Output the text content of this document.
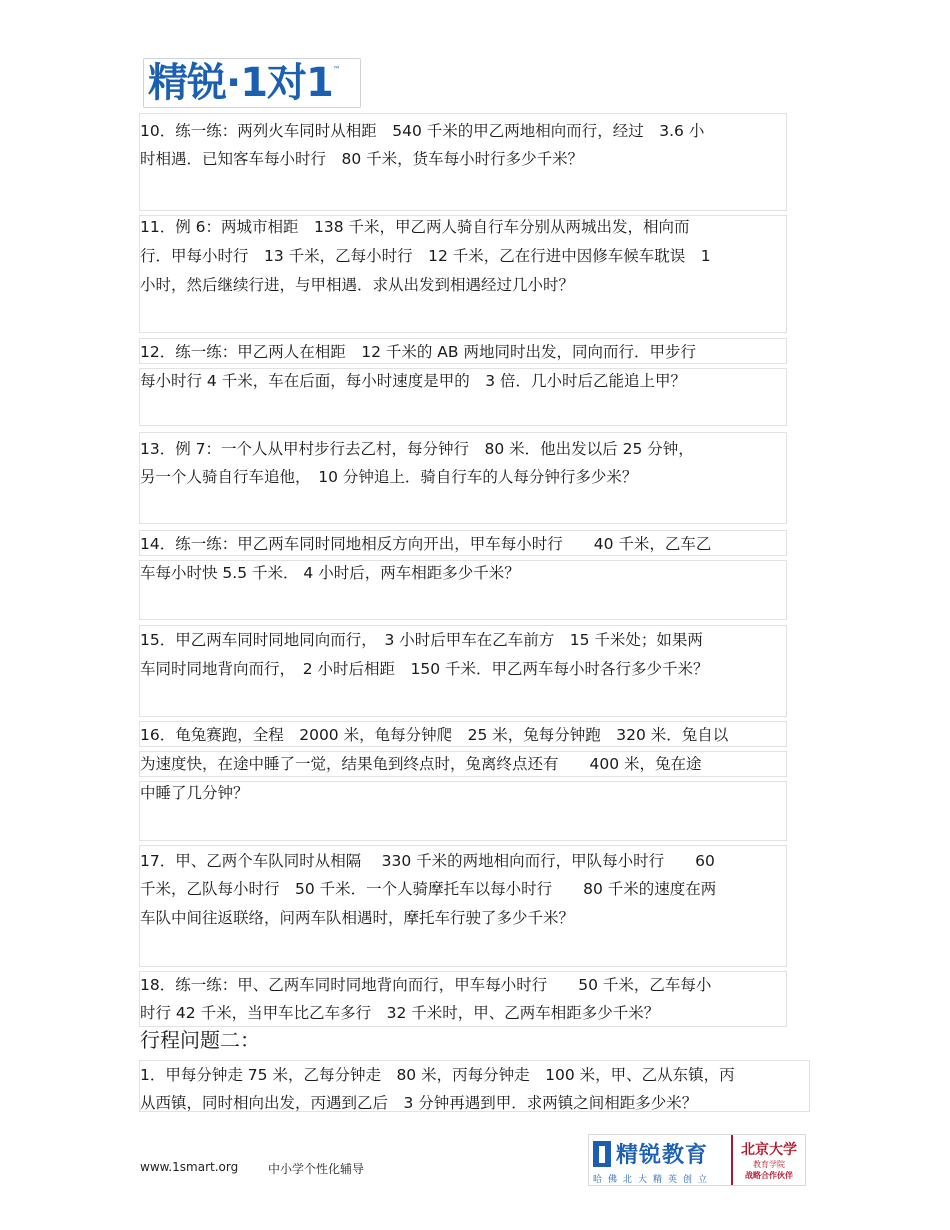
精锐·1对1 ™
10．练一练：两列火车同时从相距　540 千米的甲乙两地相向而行，经过　3.6 小
时相遇．已知客车每小时行　80 千米，货车每小时行多少千米？
11．例 6：两城市相距　138 千米，甲乙两人骑自行车分别从两城出发，相向而
行．甲每小时行　13 千米，乙每小时行　12 千米，乙在行进中因修车候车耽误　1
小时，然后继续行进，与甲相遇．求从出发到相遇经过几小时？
12．练一练：甲乙两人在相距　12 千米的 AB 两地同时出发，同向而行．甲步行
每小时行 4 千米，车在后面，每小时速度是甲的　3 倍．几小时后乙能追上甲？
13．例 7：一个人从甲村步行去乙村，每分钟行　80 米．他出发以后 25 分钟，
另一个人骑自行车追他，　10 分钟追上．骑自行车的人每分钟行多少米？
14．练一练：甲乙两车同时同地相反方向开出，甲车每小时行　　40 千米，乙车乙
车每小时快 5.5 千米． 4 小时后，两车相距多少千米？
15．甲乙两车同时同地同向而行，　3 小时后甲车在乙车前方　15 千米处；如果两
车同时同地背向而行，　2 小时后相距　150 千米．甲乙两车每小时各行多少千米？
16．龟兔赛跑，全程　2000 米，龟每分钟爬　25 米，兔每分钟跑　320 米．兔自以
为速度快，在途中睡了一觉，结果龟到终点时，兔离终点还有　　400 米，兔在途
中睡了几分钟？
17．甲、乙两个车队同时从相隔　 330 千米的两地相向而行，甲队每小时行　　60
千米，乙队每小时行　50 千米．一个人骑摩托车以每小时行　　80 千米的速度在两
车队中间往返联络，问两车队相遇时，摩托车行驶了多少千米？
18．练一练：甲、乙两车同时同地背向而行，甲车每小时行　　50 千米，乙车每小
时行 42 千米，当甲车比乙车多行　32 千米时，甲、乙两车相距多少千米？
行程问题二：
1．甲每分钟走 75 米，乙每分钟走　80 米，丙每分钟走　100 米，甲、乙从东镇，丙
从西镇，同时相向出发，丙遇到乙后　3 分钟再遇到甲．求两镇之间相距多少米？
www.1smart.org 中小学个性化辅导
精锐教育
哈佛北大精英创立
北京大学
教育学院
战略合作伙伴
